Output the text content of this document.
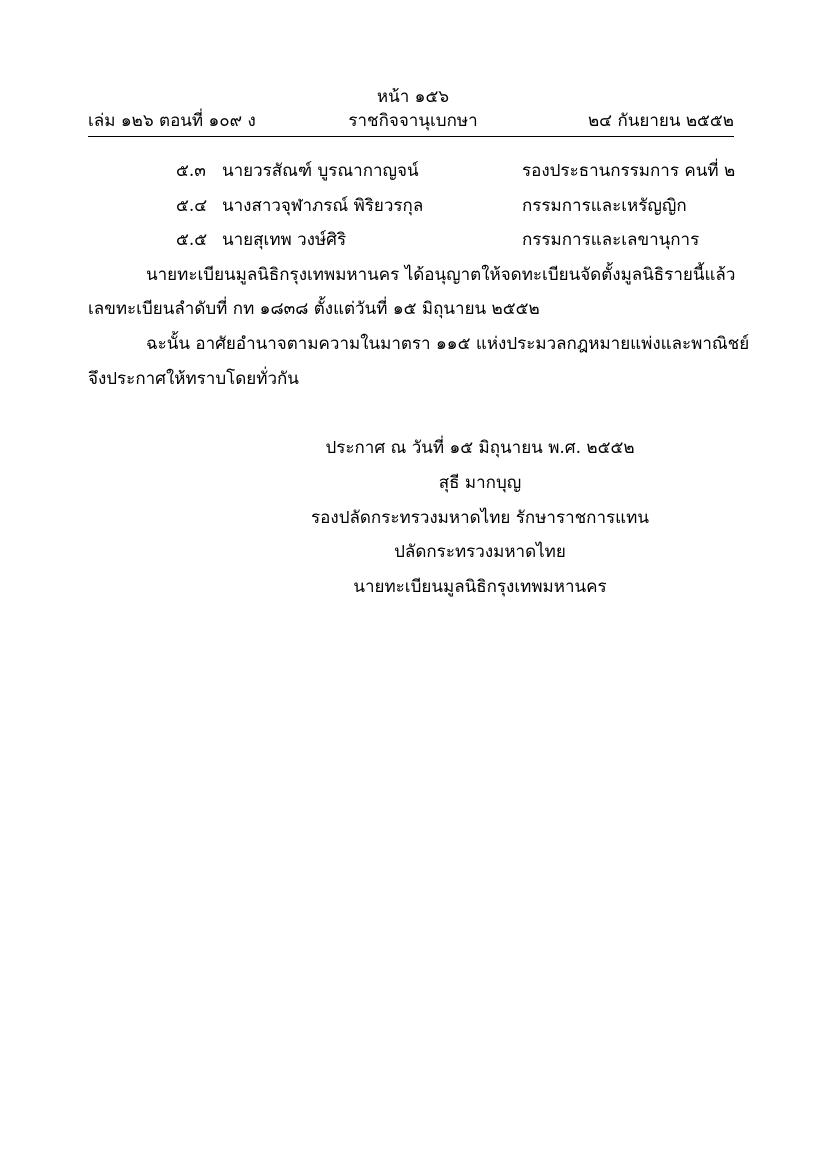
หน้า ๑๕๖
เล่ม ๑๒๖ ตอนที่ ๑๐๙ ง	ราชกิจจานุเบกษา	๒๔ กันยายน ๒๕๕๒
๕.๓ นายวรสัณฑ์ บูรณากาญจน์	รองประธานกรรมการ คนที่ ๒
๕.๔ นางสาวจุฬาภรณ์ พิริยวรกุล	กรรมการและเหรัญญิก
๕.๕ นายสุเทพ วงษ์ศิริ	กรรมการและเลขานุการ
นายทะเบียนมูลนิธิกรุงเทพมหานคร ได้อนุญาตให้จดทะเบียนจัดตั้งมูลนิธิรายนี้แล้ว
เลขทะเบียนลำดับที่ กท ๑๘๓๘ ตั้งแต่วันที่ ๑๕ มิถุนายน ๒๕๕๒
ฉะนั้น อาศัยอำนาจตามความในมาตรา ๑๑๕ แห่งประมวลกฎหมายแพ่งและพาณิชย์
จึงประกาศให้ทราบโดยทั่วกัน
ประกาศ ณ วันที่ ๑๕ มิถุนายน พ.ศ. ๒๕๕๒
สุธี มากบุญ
รองปลัดกระทรวงมหาดไทย รักษาราชการแทน
ปลัดกระทรวงมหาดไทย
นายทะเบียนมูลนิธิกรุงเทพมหานคร
